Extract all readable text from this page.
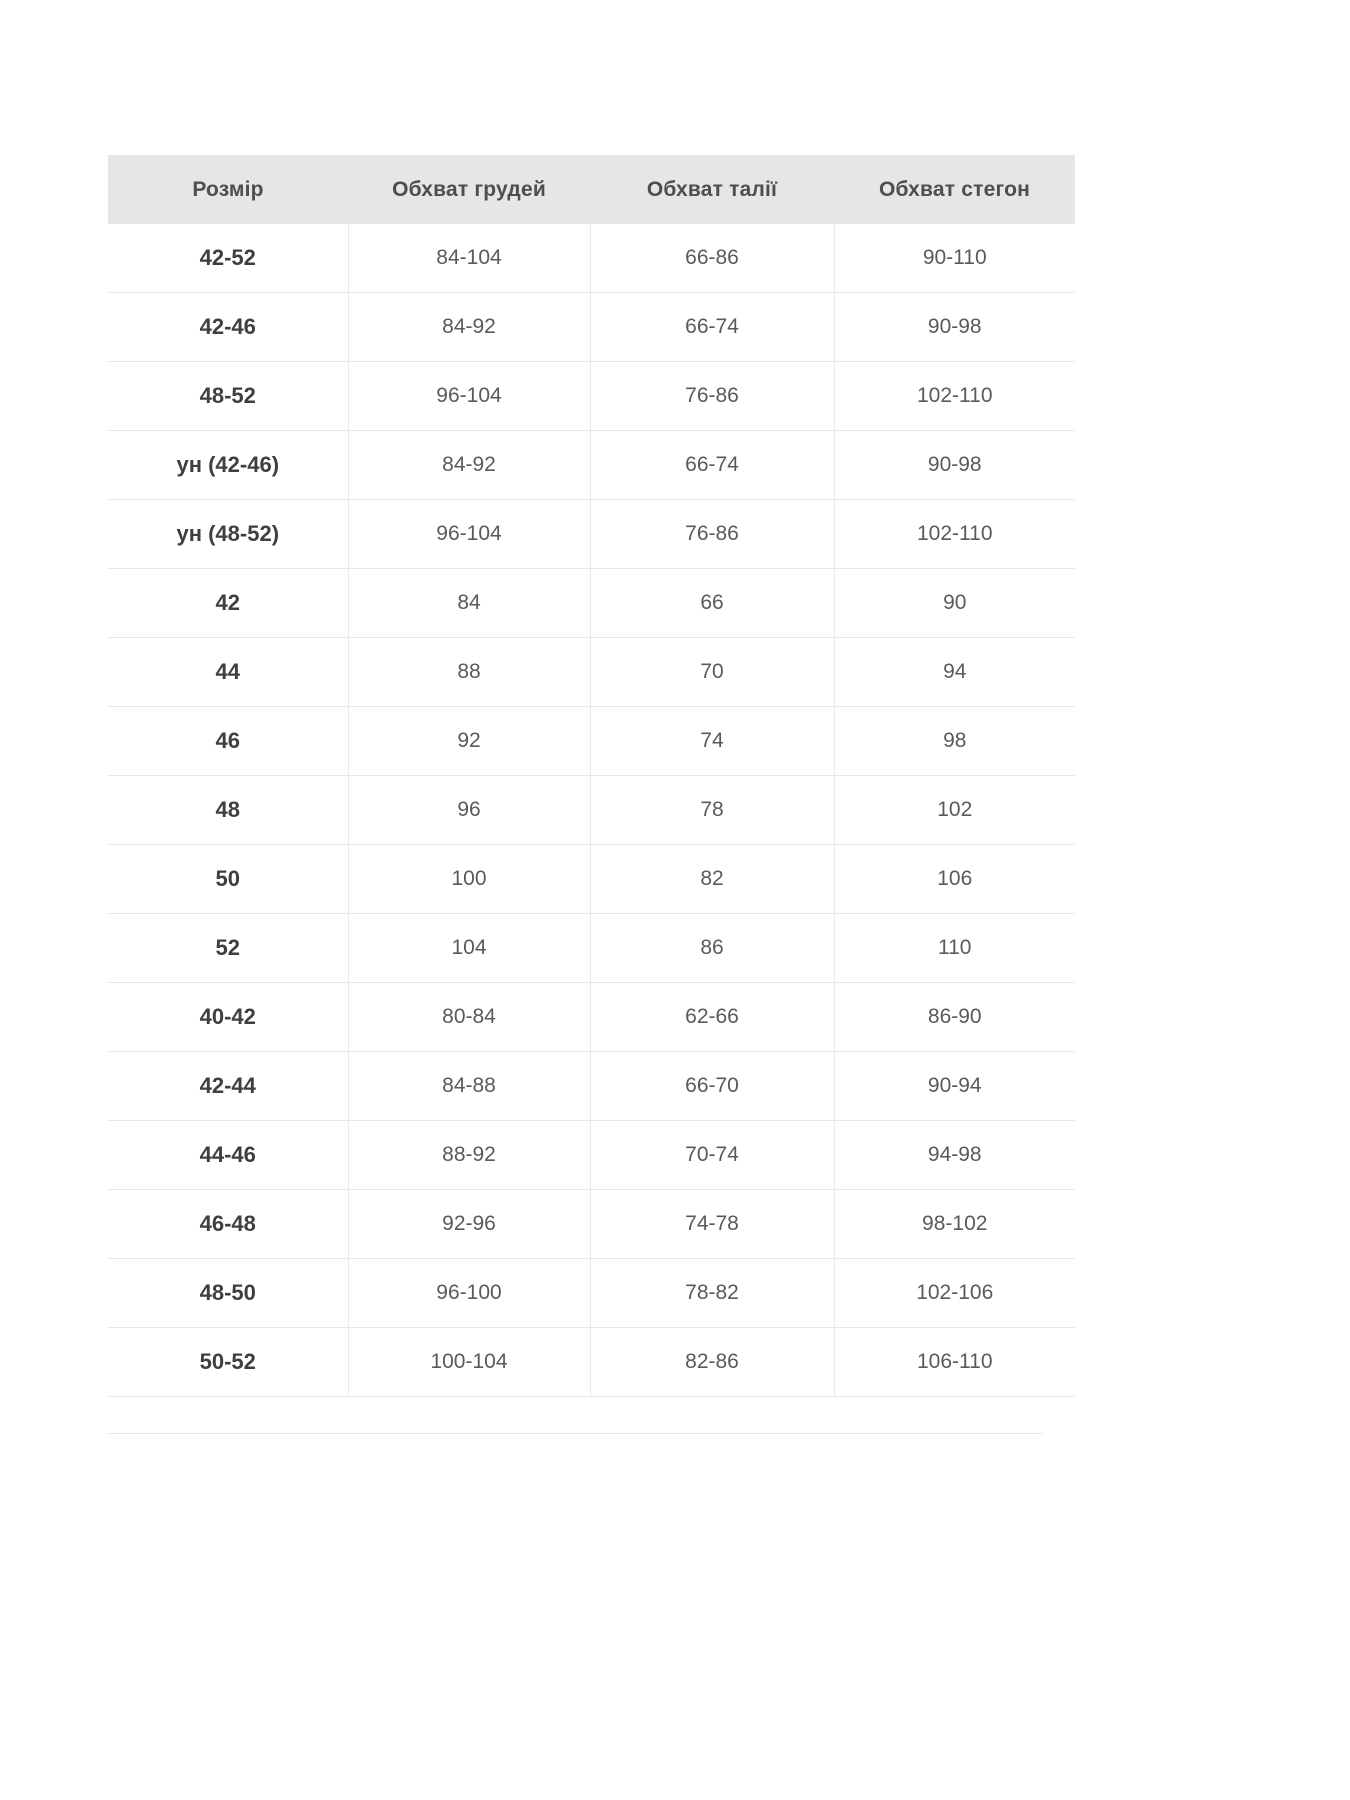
Розмір	Обхват грудей	Обхват талії	Обхват стегон
42-52	84-104	66-86	90-110
42-46	84-92	66-74	90-98
48-52	96-104	76-86	102-110
ун (42-46)	84-92	66-74	90-98
ун (48-52)	96-104	76-86	102-110
42	84	66	90
44	88	70	94
46	92	74	98
48	96	78	102
50	100	82	106
52	104	86	110
40-42	80-84	62-66	86-90
42-44	84-88	66-70	90-94
44-46	88-92	70-74	94-98
46-48	92-96	74-78	98-102
48-50	96-100	78-82	102-106
50-52	100-104	82-86	106-110
